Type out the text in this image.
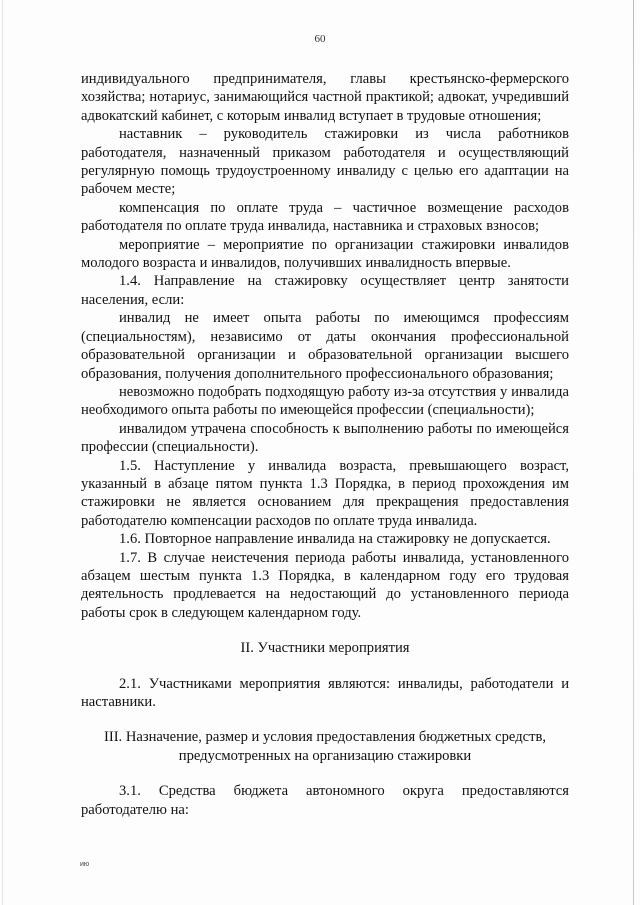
60

индивидуального предпринимателя, главы крестьянско-фермерского хозяйства; нотариус, занимающийся частной практикой; адвокат, учредивший адвокатский кабинет, с которым инвалид вступает в трудовые отношения;

наставник – руководитель стажировки из числа работников работодателя, назначенный приказом работодателя и осуществляющий регулярную помощь трудоустроенному инвалиду с целью его адаптации на рабочем месте;

компенсация по оплате труда – частичное возмещение расходов работодателя по оплате труда инвалида, наставника и страховых взносов;

мероприятие – мероприятие по организации стажировки инвалидов молодого возраста и инвалидов, получивших инвалидность впервые.

1.4. Направление на стажировку осуществляет центр занятости населения, если:

инвалид не имеет опыта работы по имеющимся профессиям (специальностям), независимо от даты окончания профессиональной образовательной организации и образовательной организации высшего образования, получения дополнительного профессионального образования;

невозможно подобрать подходящую работу из-за отсутствия у инвалида необходимого опыта работы по имеющейся профессии (специальности);

инвалидом утрачена способность к выполнению работы по имеющейся профессии (специальности).

1.5. Наступление у инвалида возраста, превышающего возраст, указанный в абзаце пятом пункта 1.3 Порядка, в период прохождения им стажировки не является основанием для прекращения предоставления работодателю компенсации расходов по оплате труда инвалида.

1.6. Повторное направление инвалида на стажировку не допускается.

1.7. В случае неистечения периода работы инвалида, установленного абзацем шестым пункта 1.3 Порядка, в календарном году его трудовая деятельность продлевается на недостающий до установленного периода работы срок в следующем календарном году.

II. Участники мероприятия

2.1. Участниками мероприятия являются: инвалиды, работодатели и наставники.

III. Назначение, размер и условия предоставления бюджетных средств,
предусмотренных на организацию стажировки

3.1. Средства бюджета автономного округа предоставляются работодателю на:

ию
